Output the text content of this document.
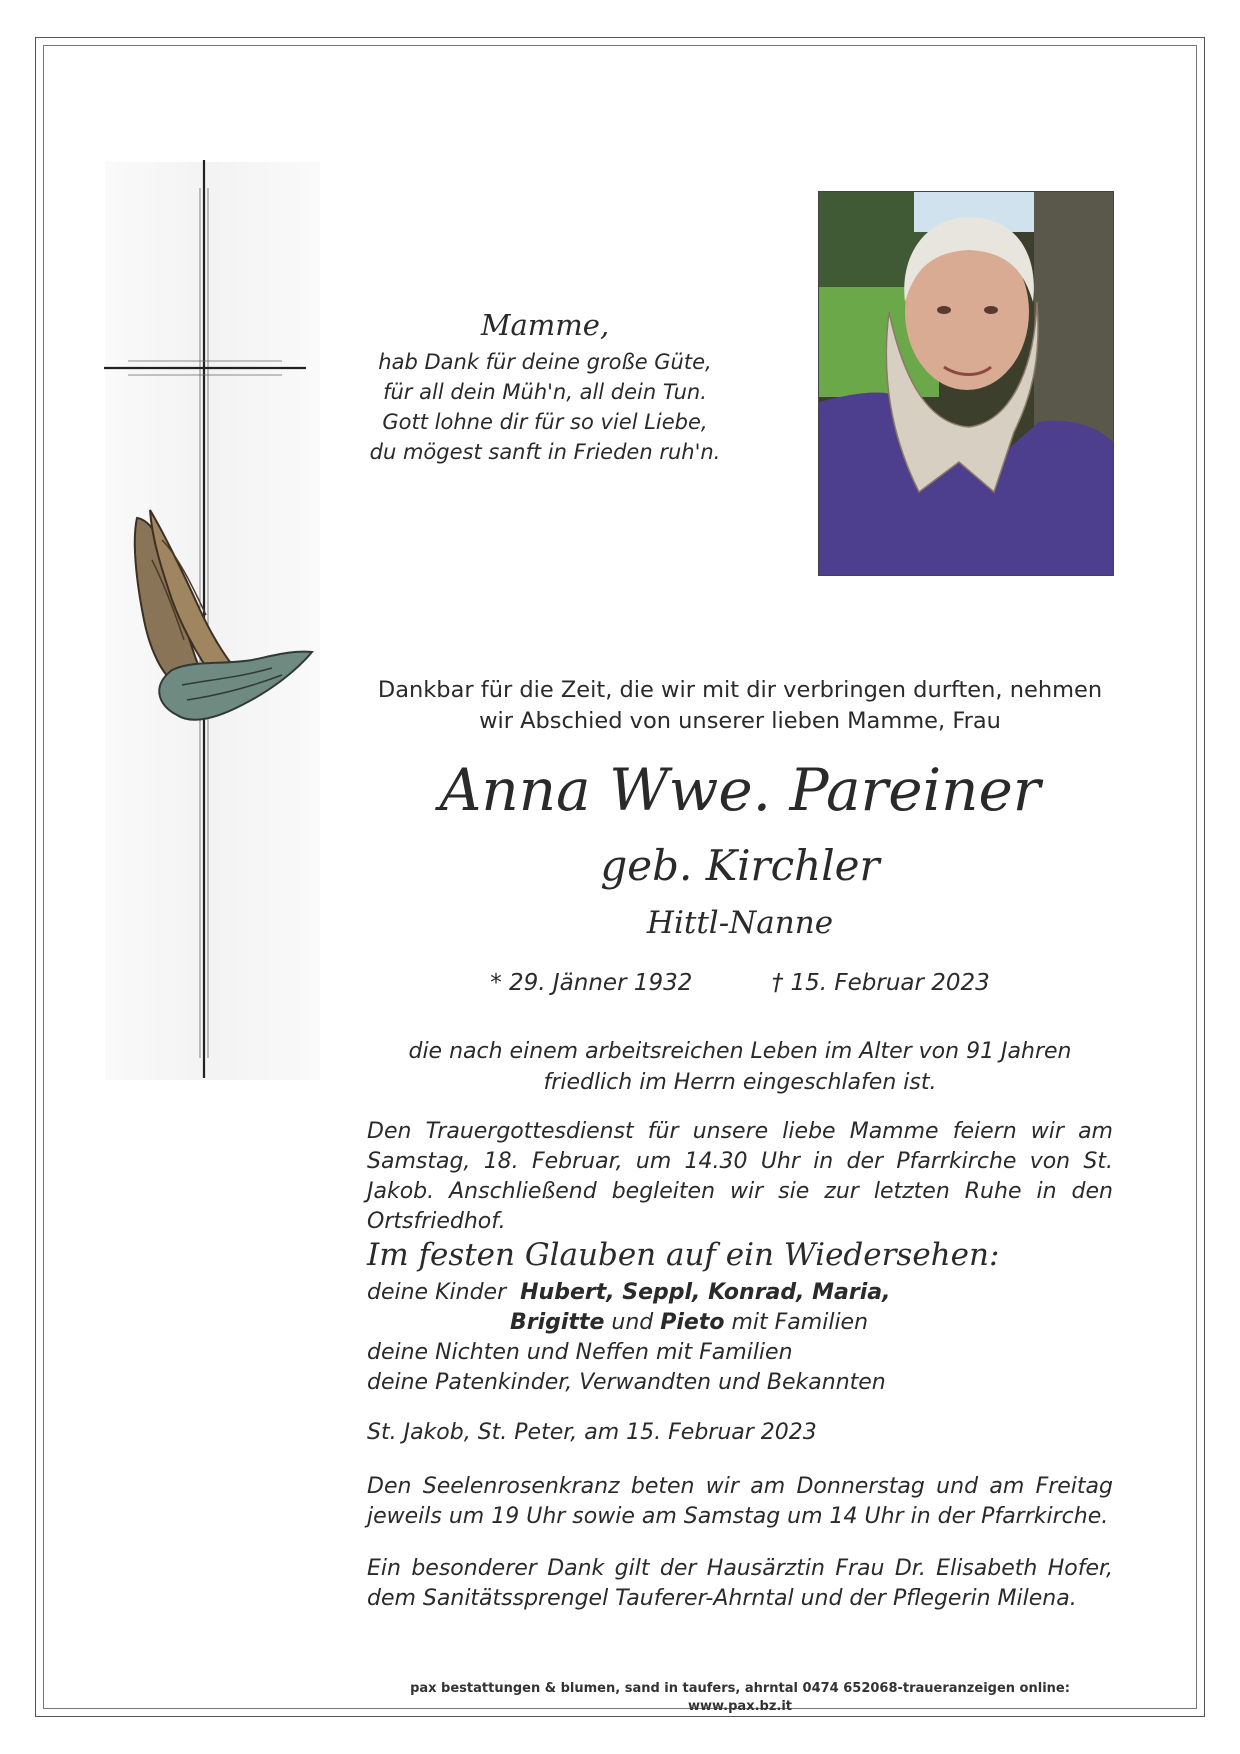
Mamme,
hab Dank für deine große Güte,
für all dein Müh'n, all dein Tun.
Gott lohne dir für so viel Liebe,
du mögest sanft in Frieden ruh'n.
Dankbar für die Zeit, die wir mit dir verbringen durften, nehmen
wir Abschied von unserer lieben Mamme, Frau
Anna Wwe. Pareiner
geb. Kirchler
Hittl-Nanne
* 29. Jänner 1932	† 15. Februar 2023
die nach einem arbeitsreichen Leben im Alter von 91 Jahren
friedlich im Herrn eingeschlafen ist.
Den Trauergottesdienst für unsere liebe Mamme feiern wir am Samstag, 18. Februar, um 14.30 Uhr in der Pfarrkirche von St. Jakob. Anschließend begleiten wir sie zur letzten Ruhe in den Ortsfriedhof.
Im festen Glauben auf ein Wiedersehen:
deine Kinder Hubert, Seppl, Konrad, Maria,
Brigitte und Pieto mit Familien
deine Nichten und Neffen mit Familien
deine Patenkinder, Verwandten und Bekannten
St. Jakob, St. Peter, am 15. Februar 2023
Den Seelenrosenkranz beten wir am Donnerstag und am Freitag jeweils um 19 Uhr sowie am Samstag um 14 Uhr in der Pfarrkirche.
Ein besonderer Dank gilt der Hausärztin Frau Dr. Elisabeth Hofer, dem Sanitätssprengel Tauferer-Ahrntal und der Pflegerin Milena.
pax bestattungen & blumen, sand in taufers, ahrntal 0474 652068-traueranzeigen online: www.pax.bz.it
